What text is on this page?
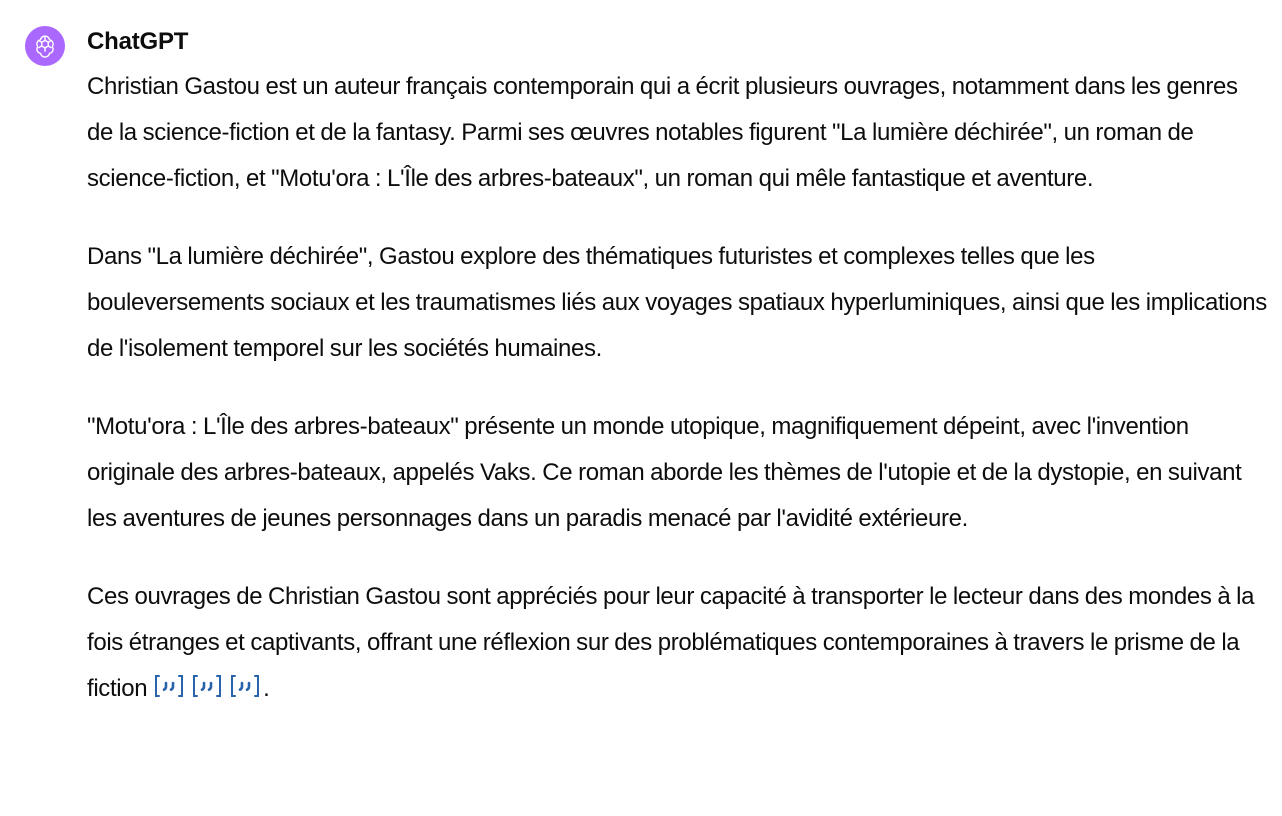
ChatGPT

Christian Gastou est un auteur français contemporain qui a écrit plusieurs ouvrages, notamment dans les genres de la science-fiction et de la fantasy. Parmi ses œuvres notables figurent "La lumière déchirée", un roman de science-fiction, et "Motu'ora : L'Île des arbres-bateaux", un roman qui mêle fantastique et aventure.

Dans "La lumière déchirée", Gastou explore des thématiques futuristes et complexes telles que les bouleversements sociaux et les traumatismes liés aux voyages spatiaux hyperluminiques, ainsi que les implications de l'isolement temporel sur les sociétés humaines.

"Motu'ora : L'Île des arbres-bateaux" présente un monde utopique, magnifiquement dépeint, avec l'invention originale des arbres-bateaux, appelés Vaks. Ce roman aborde les thèmes de l'utopie et de la dystopie, en suivant les aventures de jeunes personnages dans un paradis menacé par l'avidité extérieure.

Ces ouvrages de Christian Gastou sont appréciés pour leur capacité à transporter le lecteur dans des mondes à la fois étranges et captivants, offrant une réflexion sur des problématiques contemporaines à travers le prisme de la fiction	.
